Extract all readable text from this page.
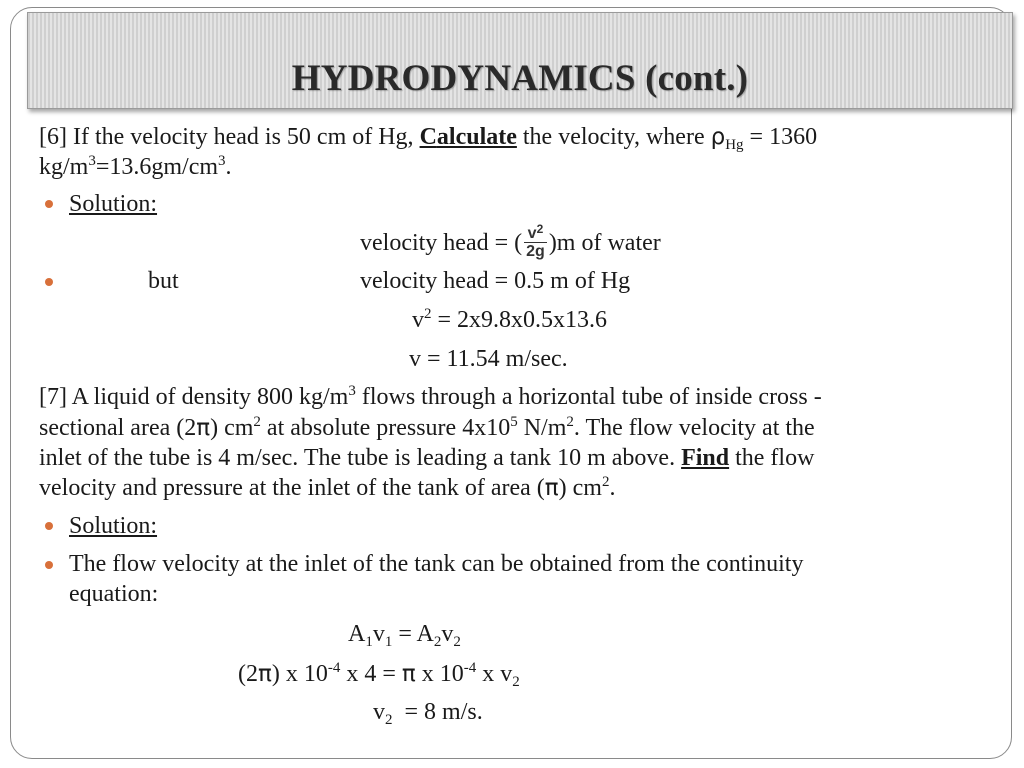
HYDRODYNAMICS (cont.)
[6] If the velocity head is 50 cm of Hg, Calculate the velocity, where $\rho_{Hg} = 1360$
$kg/m^3=13.6gm/cm^3$.
Solution:
velocity head = ( $\frac{v^2}{2g} )m$ of water
but	velocity head = 0.5 m of Hg
$v^2 = 2x9.8x0.5x13.6$
v = 11.54 m/sec.
[7] A liquid of density 800 $kg/m^3$ flows through a horizontal tube of inside cross -
sectional area (2π) $cm^2$ at absolute pressure $4x10^5$ $N/m^2$. The flow velocity at the
inlet of the tube is 4 m/sec. The tube is leading a tank 10 m above. Find the flow
velocity and pressure at the inlet of the tank of area (π) $cm^2$.
Solution:
The flow velocity at the inlet of the tank can be obtained from the continuity
equation:
$A_1v_1 = A_2v_2$
(2π) x $10^{-4}$ x 4 = π x $10^{-4}$ x $v_2$
$v_2 = 8$ m/s.
